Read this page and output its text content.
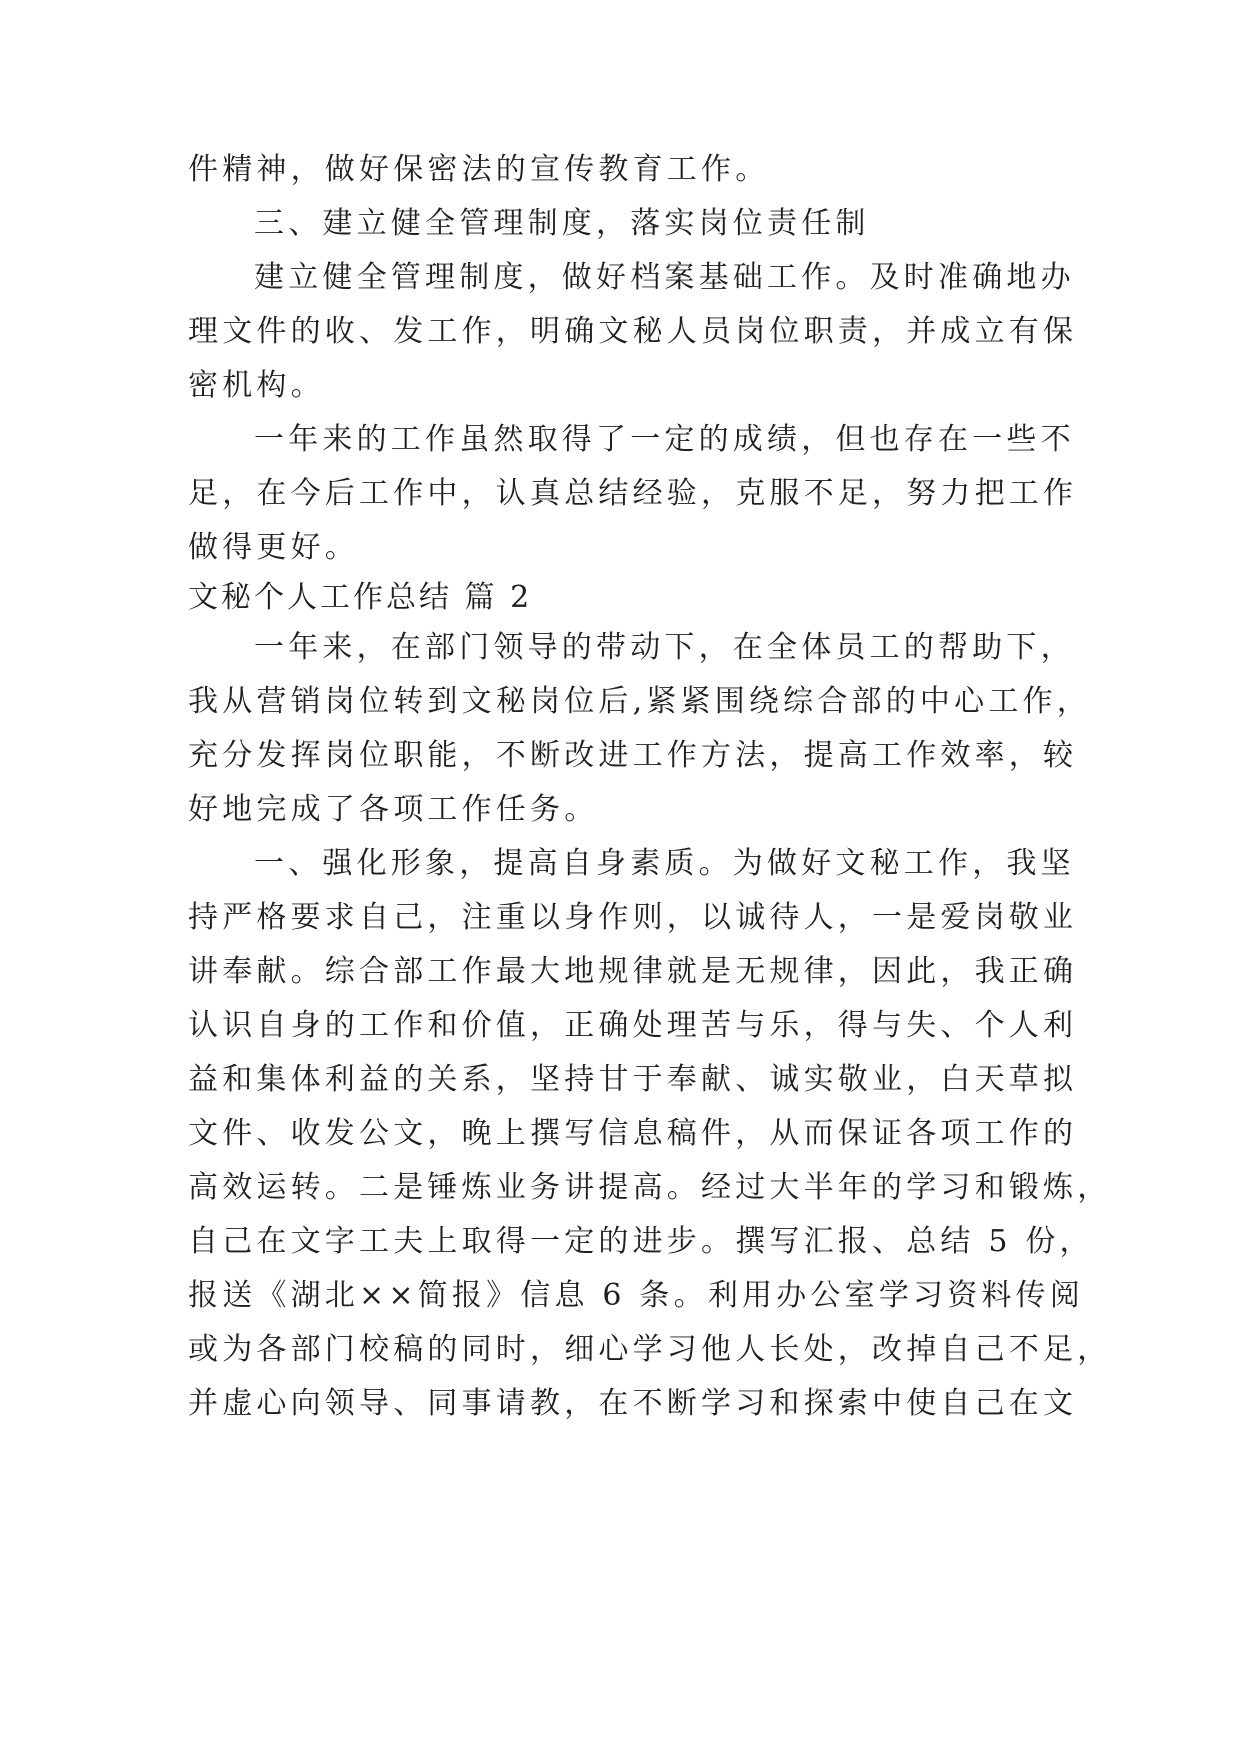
件精神，做好保密法的宣传教育工作。
三、建立健全管理制度，落实岗位责任制
建立健全管理制度，做好档案基础工作。及时准确地办
理文件的收、发工作，明确文秘人员岗位职责，并成立有保
密机构。
一年来的工作虽然取得了一定的成绩，但也存在一些不
足，在今后工作中，认真总结经验，克服不足，努力把工作
做得更好。
文秘个人工作总结 篇 2
一年来，在部门领导的带动下，在全体员工的帮助下，
我从营销岗位转到文秘岗位后,紧紧围绕综合部的中心工作，
充分发挥岗位职能，不断改进工作方法，提高工作效率，较
好地完成了各项工作任务。
一、强化形象，提高自身素质。为做好文秘工作，我坚
持严格要求自己，注重以身作则，以诚待人，一是爱岗敬业
讲奉献。综合部工作最大地规律就是无规律，因此，我正确
认识自身的工作和价值，正确处理苦与乐，得与失、个人利
益和集体利益的关系，坚持甘于奉献、诚实敬业，白天草拟
文件、收发公文，晚上撰写信息稿件，从而保证各项工作的
高效运转。二是锤炼业务讲提高。经过大半年的学习和锻炼，
自己在文字工夫上取得一定的进步。撰写汇报、总结 5 份，
报送《湖北××简报》信息 6 条。利用办公室学习资料传阅
或为各部门校稿的同时，细心学习他人长处，改掉自己不足，
并虚心向领导、同事请教，在不断学习和探索中使自己在文
